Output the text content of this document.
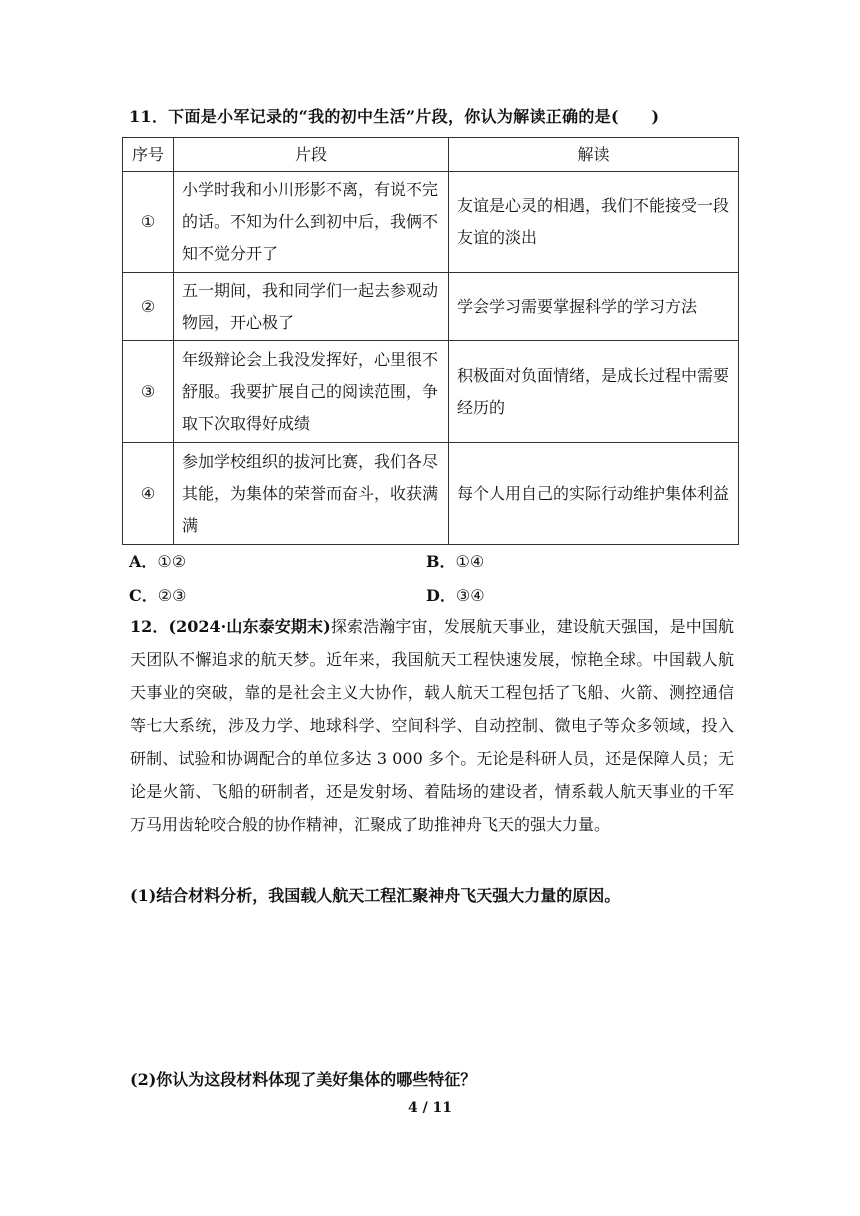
11．下面是小军记录的“我的初中生活”片段，你认为解读正确的是(　　)
序号	片段	解读
①	小学时我和小川形影不离，有说不完的话。不知为什么到初中后，我俩不知不觉分开了	友谊是心灵的相遇，我们不能接受一段友谊的淡出
②	五一期间，我和同学们一起去参观动物园，开心极了	学会学习需要掌握科学的学习方法
③	年级辩论会上我没发挥好，心里很不舒服。我要扩展自己的阅读范围，争取下次取得好成绩	积极面对负面情绪，是成长过程中需要经历的
④	参加学校组织的拔河比赛，我们各尽其能，为集体的荣誉而奋斗，收获满满	每个人用自己的实际行动维护集体利益
A．①②	B．①④
C．②③	D．③④
12．(2024·山东泰安期末)探索浩瀚宇宙，发展航天事业，建设航天强国，是中国航天团队不懈追求的航天梦。近年来，我国航天工程快速发展，惊艳全球。中国载人航天事业的突破，靠的是社会主义大协作，载人航天工程包括了飞船、火箭、测控通信等七大系统，涉及力学、地球科学、空间科学、自动控制、微电子等众多领域，投入研制、试验和协调配合的单位多达 3 000 多个。无论是科研人员，还是保障人员；无论是火箭、飞船的研制者，还是发射场、着陆场的建设者，情系载人航天事业的千军万马用齿轮咬合般的协作精神，汇聚成了助推神舟飞天的强大力量。
(1)结合材料分析，我国载人航天工程汇聚神舟飞天强大力量的原因。
(2)你认为这段材料体现了美好集体的哪些特征？
4 / 11
